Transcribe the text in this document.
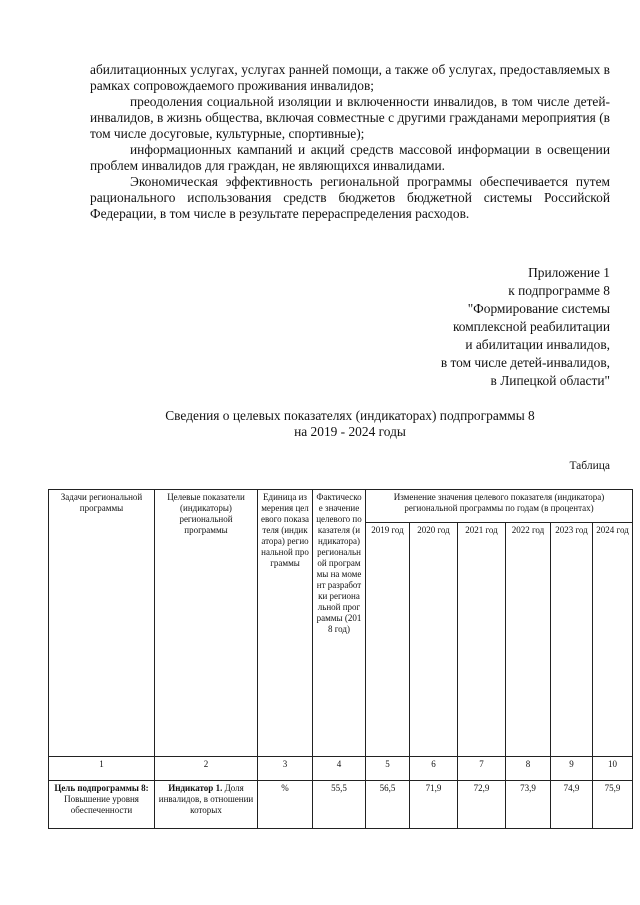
абилитационных услугах, услугах ранней помощи, а также об услугах, предоставляемых в рамках сопровождаемого проживания инвалидов;

преодоления социальной изоляции и включенности инвалидов, в том числе детей-инвалидов, в жизнь общества, включая совместные с другими гражданами мероприятия (в том числе досуговые, культурные, спортивные);

информационных кампаний и акций средств массовой информации в освещении проблем инвалидов для граждан, не являющихся инвалидами.

Экономическая эффективность региональной программы обеспечивается путем рационального использования средств бюджетов бюджетной системы Российской Федерации, в том числе в результате перераспределения расходов.

Приложение 1
к подпрограмме 8
"Формирование системы
комплексной реабилитации
и абилитации инвалидов,
в том числе детей-инвалидов,
в Липецкой области"
Сведения о целевых показателях (индикаторах) подпрограммы 8
на 2019 - 2024 годы
Таблица
Задачи региональной программы	Целевые показатели (индикаторы) региональной программы	Единица измерения целевого показателя (индикатора) региональной программы	Фактическое значение целевого показателя (индикатора) региональной программы на момент разработки региональной программы (2018 год)	Изменение значения целевого показателя (индикатора) региональной программы по годам (в процентах)					
				2019 год	2020 год	2021 год	2022 год	2023 год	2024 год
1	2	3	4	5	6	7	8	9	10
Цель подпрограммы 8: Повышение уровня обеспеченности	Индикатор 1. Доля инвалидов, в отношении которых	%	55,5	56,5	71,9	72,9	73,9	74,9	75,9
